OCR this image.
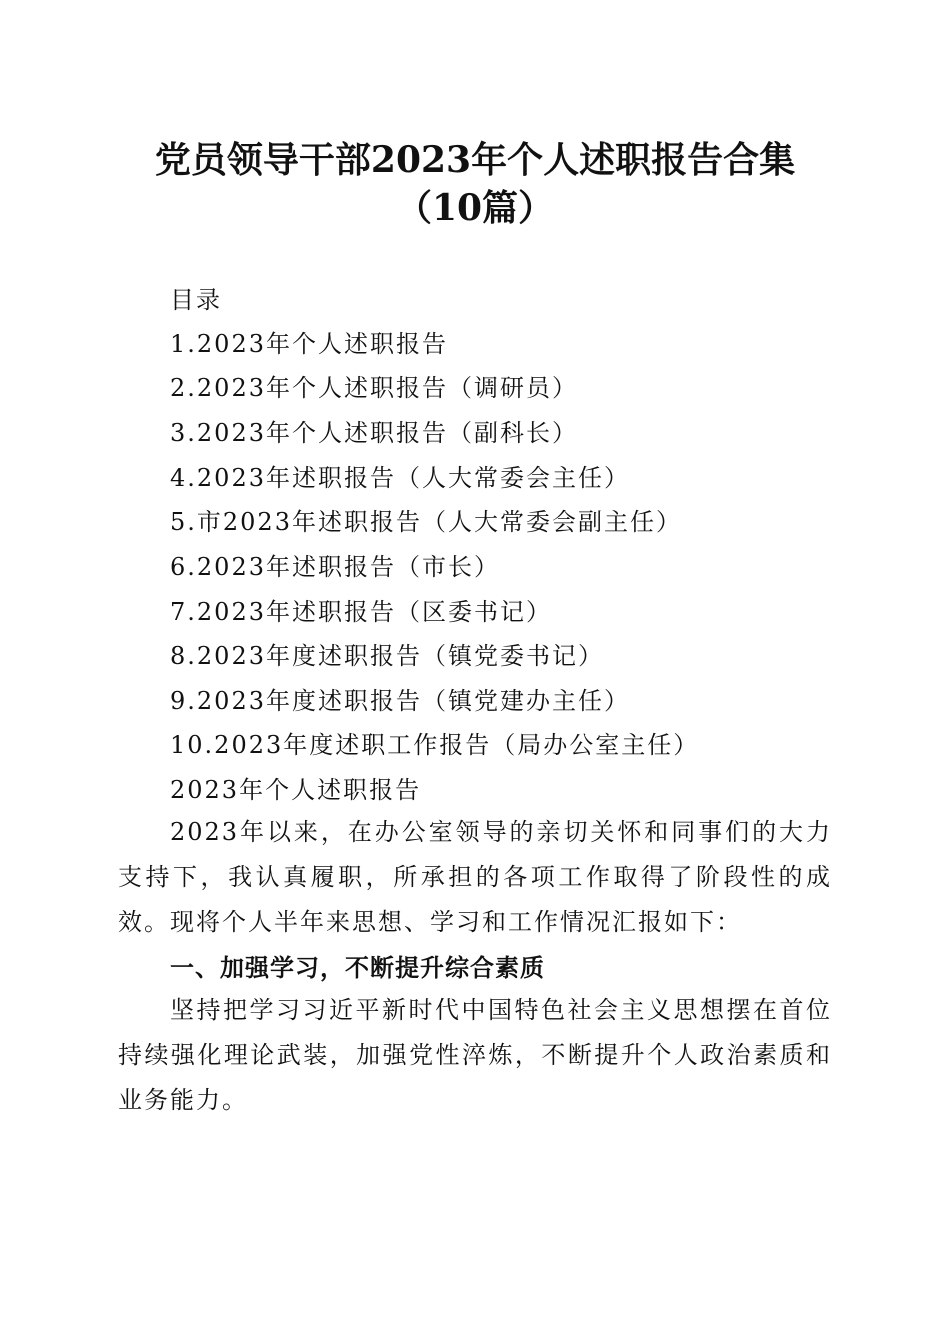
党员领导干部2023年个人述职报告合集（10篇）
目录
1.2023年个人述职报告
2.2023年个人述职报告（调研员）
3.2023年个人述职报告（副科长）
4.2023年述职报告（人大常委会主任）
5.市2023年述职报告（人大常委会副主任）
6.2023年述职报告（市长）
7.2023年述职报告（区委书记）
8.2023年度述职报告（镇党委书记）
9.2023年度述职报告（镇党建办主任）
10.2023年度述职工作报告（局办公室主任）
2023年个人述职报告
2023年以来，在办公室领导的亲切关怀和同事们的大力支持下，我认真履职，所承担的各项工作取得了阶段性的成效。现将个人半年来思想、学习和工作情况汇报如下：
一、加强学习，不断提升综合素质
坚持把学习习近平新时代中国特色社会主义思想摆在首位持续强化理论武装，加强党性淬炼，不断提升个人政治素质和业务能力。
